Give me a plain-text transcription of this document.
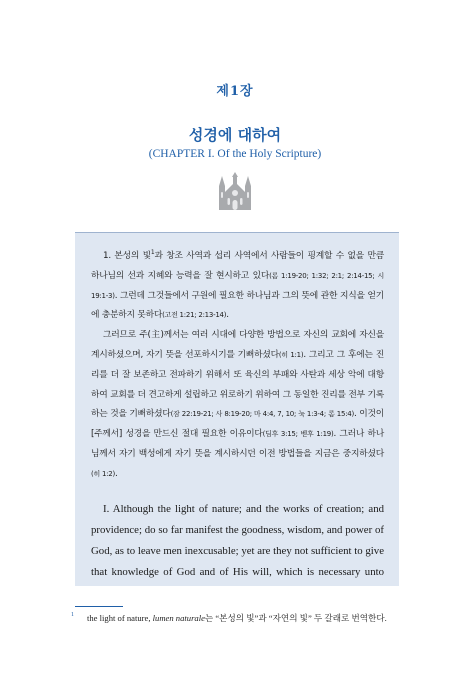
제1장
성경에 대하여
(CHAPTER I. Of the Holy Scripture)

1. 본성의 빛$^1$과 창조 사역과 섭리 사역에서 사람들이 핑계할 수 없을 만큼 하나님의 선과 지혜와 능력을 잘 현시하고 있다(롬 1:19-20; 1:32; 2:1; 2:14-15; 시 19:1-3). 그런데 그것들에서 구원에 필요한 하나님과 그의 뜻에 관한 지식을 얻기에 충분하지 못하다(고전 1:21; 2:13-14).

그러므로 주(主)께서는 여러 시대에 다양한 방법으로 자신의 교회에 자신을 계시하셨으며, 자기 뜻을 선포하시기를 기뻐하셨다(히 1:1). 그리고 그 후에는 진리를 더 잘 보존하고 전파하기 위해서 또 육신의 부패와 사탄과 세상 악에 대항하여 교회를 더 견고하게 설립하고 위로하기 위하여 그 동일한 진리를 전부 기록하는 것을 기뻐하셨다(잠 22:19-21; 사 8:19-20; 마 4:4, 7, 10; 눅 1:3-4; 롬 15:4). 이것이 [주께서] 성경을 만드신 절대 필요한 이유이다(딤후 3:15; 벧후 1:19). 그러나 하나님께서 자기 백성에게 자기 뜻을 계시하시던 이전 방법들을 지금은 중지하셨다(히 1:2).

I. Although the light of nature; and the works of creation; and providence; do so far manifest the goodness, wisdom, and power of God, as to leave men inexcusable; yet are they not sufficient to give that knowledge of God and of His will, which is necessary unto

1	the light of nature, lumen naturale는 “본성의 빛”과 “자연의 빛” 두 갈래로 번역한다.
